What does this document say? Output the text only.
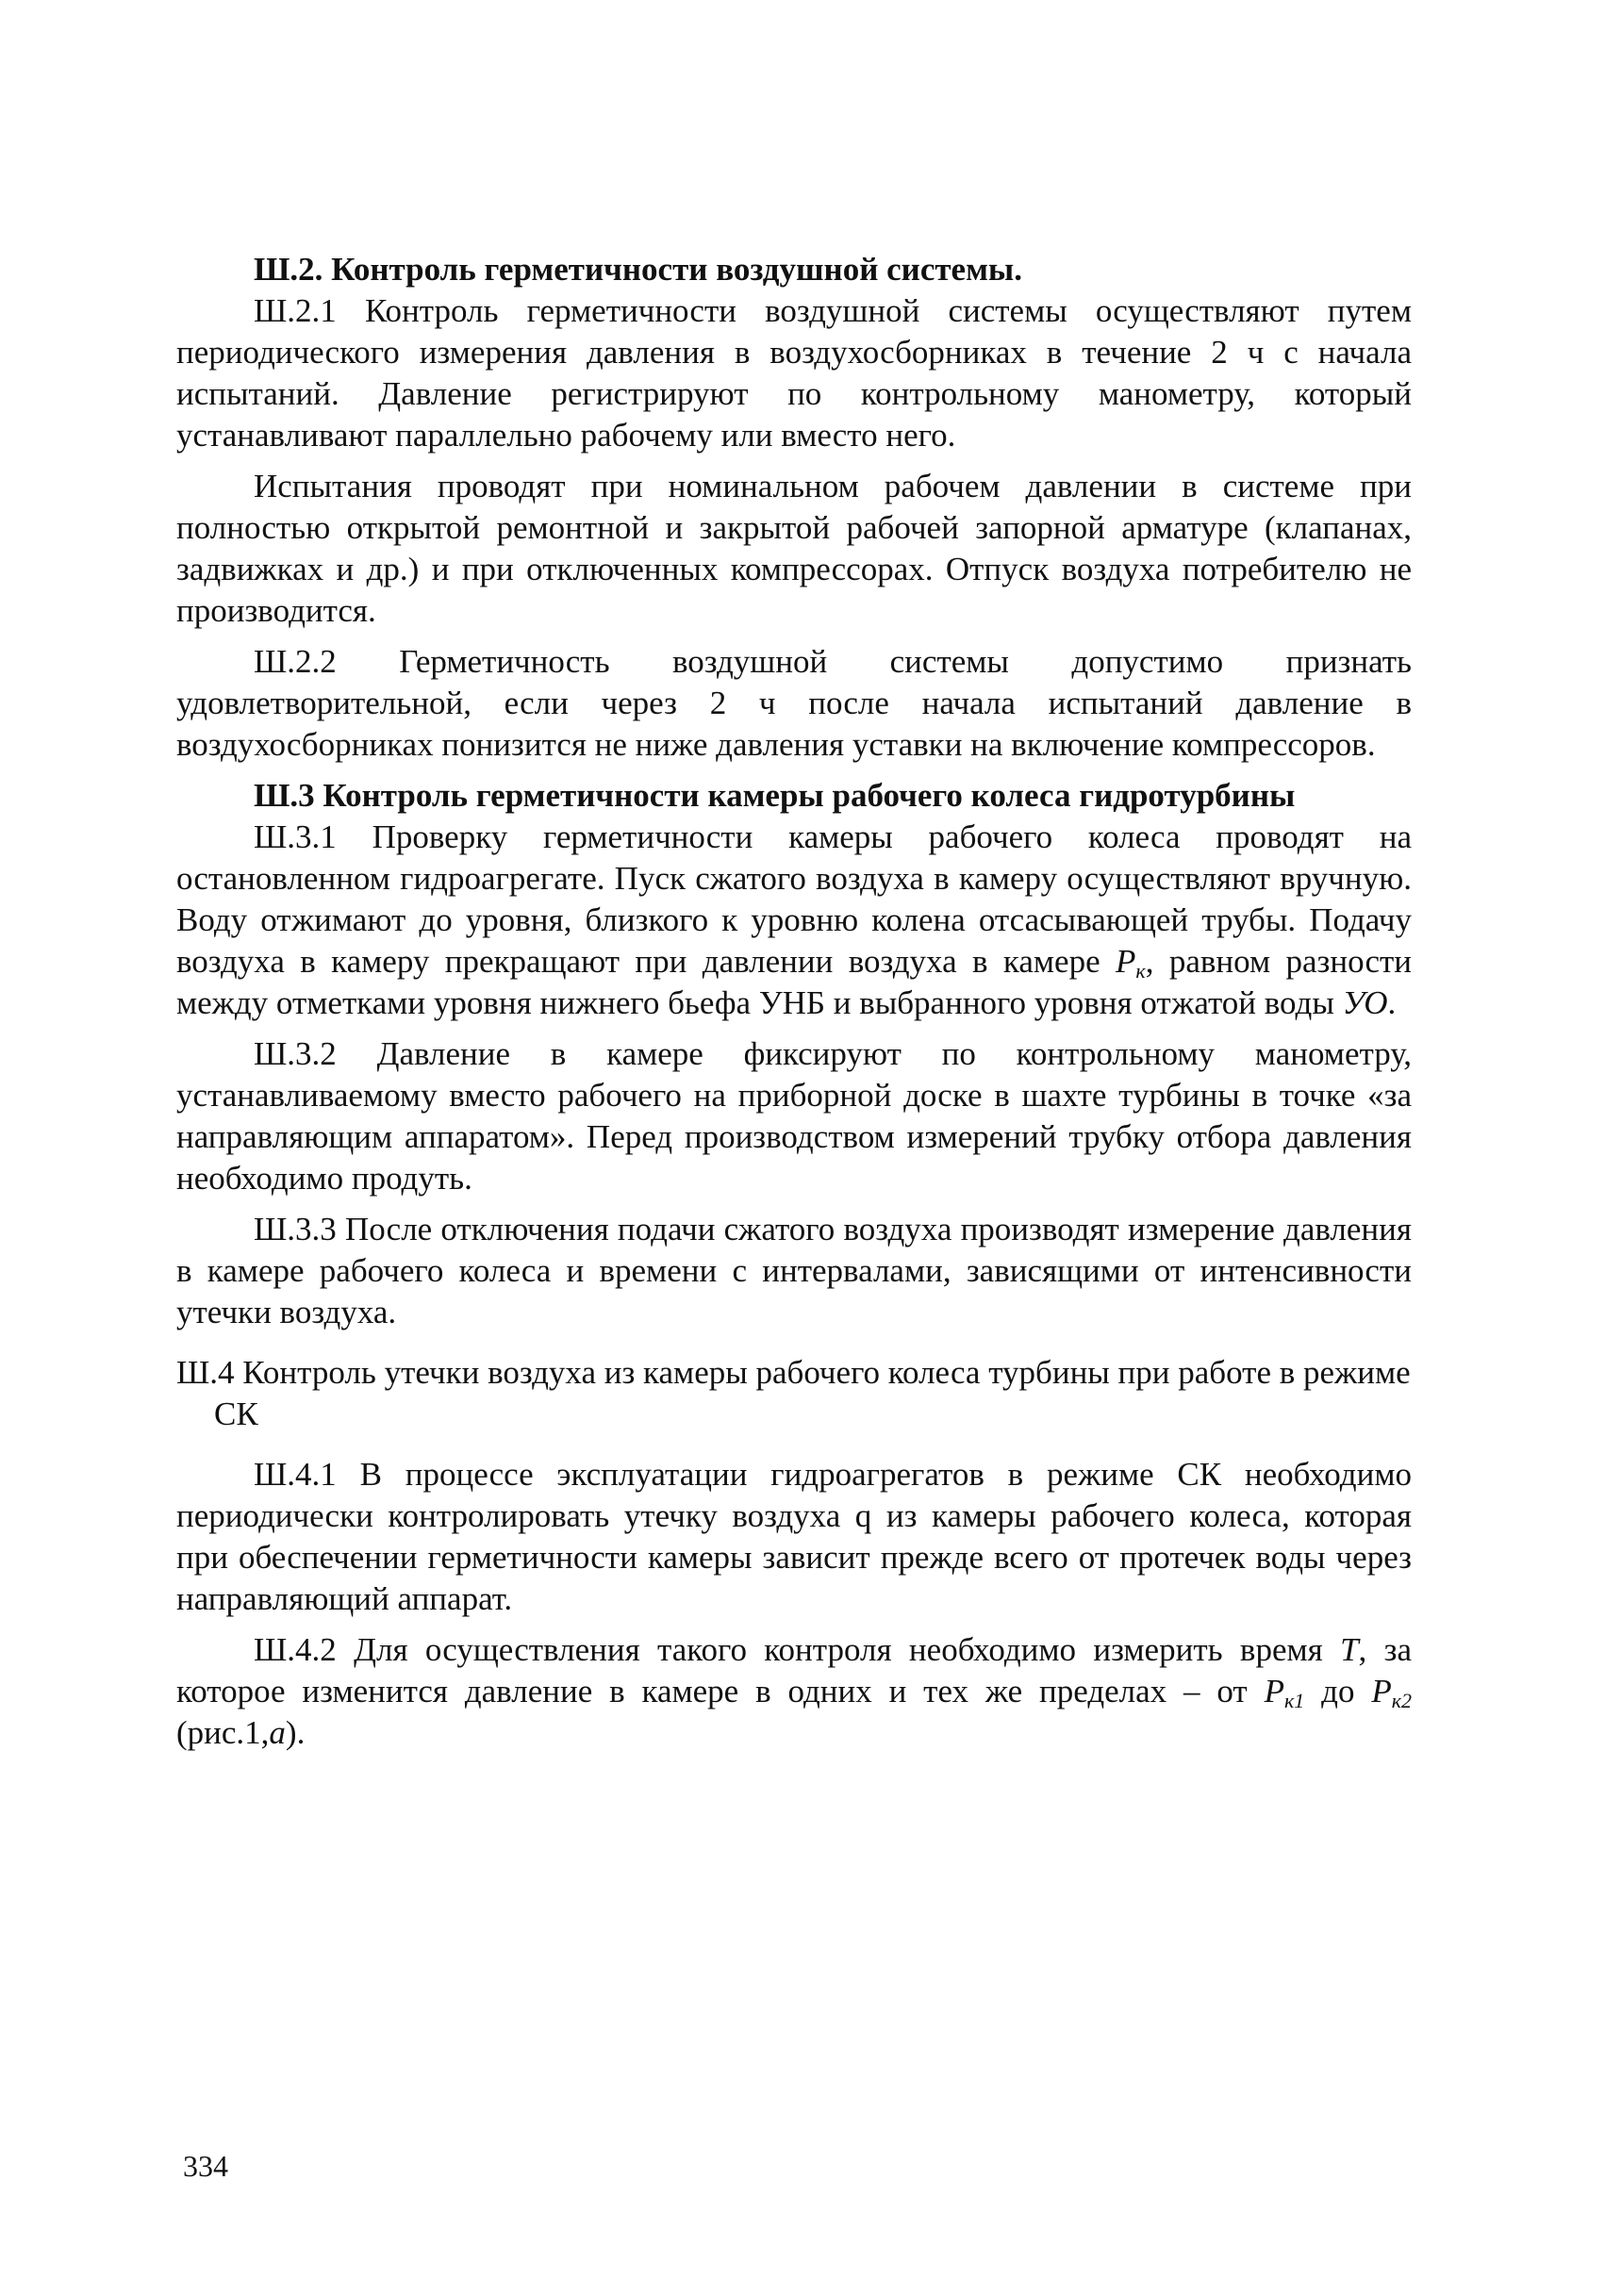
Ш.2. Контроль герметичности воздушной системы.

Ш.2.1 Контроль герметичности воздушной системы осуществляют путем периодического измерения давления в воздухосборниках в течение 2 ч с начала испытаний. Давление регистрируют по контрольному манометру, который устанавливают параллельно рабочему или вместо него.

Испытания проводят при номинальном рабочем давлении в системе при полностью открытой ремонтной и закрытой рабочей запорной арматуре (клапанах, задвижках и др.) и при отключенных компрессорах. Отпуск воздуха потребителю не производится.

Ш.2.2 Герметичность воздушной системы допустимо признать удовлетворительной, если через 2 ч после начала испытаний давление в воздухосборниках понизится не ниже давления уставки на включение компрессоров.

Ш.3 Контроль герметичности камеры рабочего колеса гидротурбины

Ш.3.1 Проверку герметичности камеры рабочего колеса проводят на остановленном гидроагрегате. Пуск сжатого воздуха в камеру осуществляют вручную. Воду отжимают до уровня, близкого к уровню колена отсасывающей трубы. Подачу воздуха в камеру прекращают при давлении воздуха в камере $P_к$, равном разности между отметками уровня нижнего бьефа УНБ и выбранного уровня отжатой воды УО.

Ш.3.2 Давление в камере фиксируют по контрольному манометру, устанавливаемому вместо рабочего на приборной доске в шахте турбины в точке «за направляющим аппаратом». Перед производством измерений трубку отбора давления необходимо продуть.

Ш.3.3 После отключения подачи сжатого воздуха производят измерение давления в камере рабочего колеса и времени с интервалами, зависящими от интенсивности утечки воздуха.

Ш.4 Контроль утечки воздуха из камеры рабочего колеса турбины при работе в режиме СК

Ш.4.1 В процессе эксплуатации гидроагрегатов в режиме СК необходимо периодически контролировать утечку воздуха q из камеры рабочего колеса, которая при обеспечении герметичности камеры зависит прежде всего от протечек воды через направляющий аппарат.

Ш.4.2 Для осуществления такого контроля необходимо измерить время T, за которое изменится давление в камере в одних и тех же пределах – от $P_{к1}$ до $P_{к2}$ (рис.1,а).

334
